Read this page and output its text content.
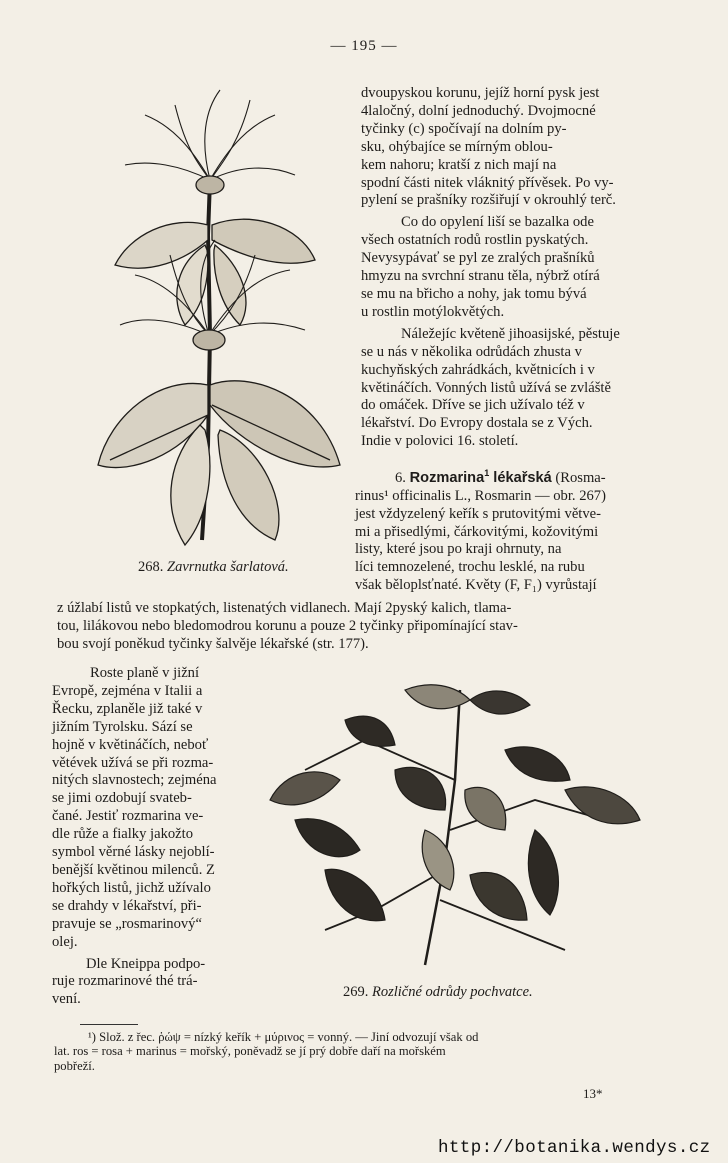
— 195 —
268. Zavrnutka šarlatová.

dvoupyskou korunu, jejíž horní pysk jest
4laločný, dolní jednoduchý. Dvojmocné
tyčinky (c) spočívají na dolním py-
sku, ohýbajíce se mírným oblou-
kem nahoru; kratší z nich mají na
spodní části nitek vláknitý přívěsek. Po vy-
pylení se prašníky rozšiřují v okrouhlý terč.

Co do opylení liší se bazalka ode
všech ostatních rodů rostlin pyskatých.
Nevysypávať se pyl ze zralých prašníků
hmyzu na svrchní stranu těla, nýbrž otírá
se mu na břicho a nohy, jak tomu bývá
u rostlin motýlokvětých.

Náležejíc květeně jihoasijské, pěstuje
se u nás v několika odrůdách zhusta v
kuchyňských zahrádkách, květnicích i v
květináčích. Vonných listů užívá se zvláště
do omáček. Dříve se jich užívalo též v
lékařství. Do Evropy dostala se z Vých.
Indie v polovici 16. století.

6. Rozmarina$^1$ lékařská (Rosma-
rinus¹ officinalis L., Rosmarin — obr. 267)
jest vždyzelený keřík s prutovitými větve-
mi a přisedlými, čárkovitými, kožovitými
listy, které jsou po kraji ohrnuty, na
líci temnozelené, trochu lesklé, na rubu
však běloplsťnaté. Květy (F, F₁) vyrůstají

z úžlabí listů ve stopkatých, listenatých vidlanech. Mají 2pyský kalich, tlama-
tou, lilákovou nebo bledomodrou korunu a pouze 2 tyčinky připomínající stav-
bou svojí poněkud tyčinky šalvěje lékařské (str. 177).

Roste planě v jižní
Evropě, zejména v Italii a
Řecku, zplaněle již také v
jižním Tyrolsku. Sází se
hojně v květináčích, neboť
větévek užívá se při rozma-
nitých slavnostech; zejména
se jimi ozdobují svateb-
čané. Jestiť rozmarina ve-
dle růže a fialky jakožto
symbol věrné lásky nejoblí-
benější květinou milenců. Z
hořkých listů, jichž užívalo
se drahdy v lékařství, při-
pravuje se „rosmarinový“
olej.

Dle Kneippa podpo-
ruje rozmarinové thé trá-
vení.	269. Rozličné odrůdy pochvatce.
¹) Slož. z řec. ῥώψ = nízký keřík + μύρινος = vonný. — Jiní odvozují však od
lat. ros = rosa + marinus = mořský, poněvadž se jí prý dobře daří na mořském
pobřeží.
13*
http://botanika.wendys.cz
